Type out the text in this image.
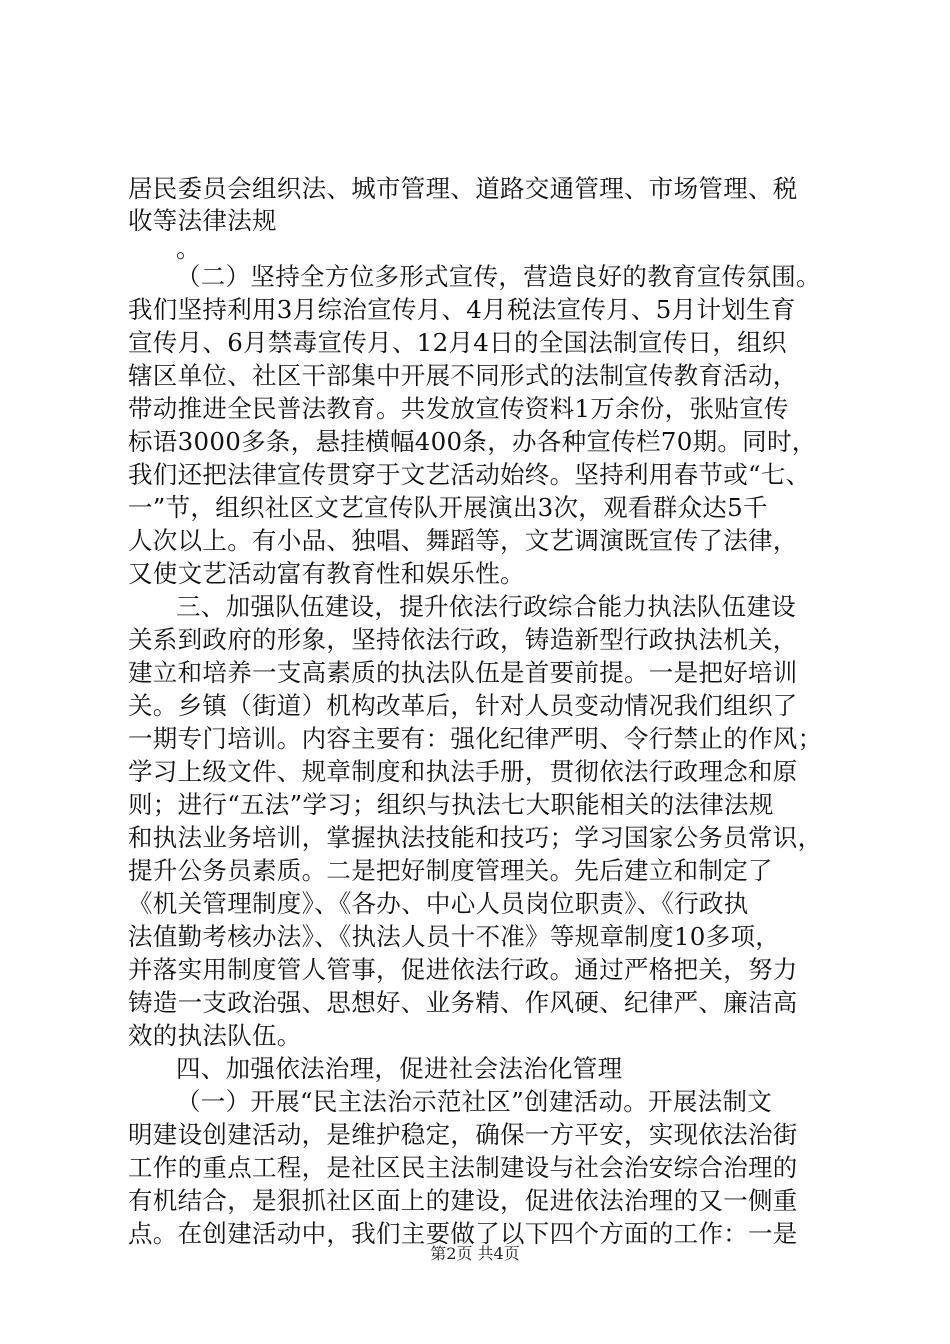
居民委员会组织法、城市管理、道路交通管理、市场管理、税
收等法律法规
。
（二）坚持全方位多形式宣传，营造良好的教育宣传氛围。
我们坚持利用3月综治宣传月、4月税法宣传月、5月计划生育
宣传月、6月禁毒宣传月、12月4日的全国法制宣传日，组织
辖区单位、社区干部集中开展不同形式的法制宣传教育活动，
带动推进全民普法教育。共发放宣传资料1万余份，张贴宣传
标语3000多条，悬挂横幅400条，办各种宣传栏70期。同时，
我们还把法律宣传贯穿于文艺活动始终。坚持利用春节或“七、
一”节，组织社区文艺宣传队开展演出3次，观看群众达5千
人次以上。有小品、独唱、舞蹈等，文艺调演既宣传了法律，
又使文艺活动富有教育性和娱乐性。
三、加强队伍建设，提升依法行政综合能力执法队伍建设
关系到政府的形象，坚持依法行政，铸造新型行政执法机关，
建立和培养一支高素质的执法队伍是首要前提。一是把好培训
关。乡镇（街道）机构改革后，针对人员变动情况我们组织了
一期专门培训。内容主要有：强化纪律严明、令行禁止的作风；
学习上级文件、规章制度和执法手册，贯彻依法行政理念和原
则；进行“五法”学习；组织与执法七大职能相关的法律法规
和执法业务培训，掌握执法技能和技巧；学习国家公务员常识，
提升公务员素质。二是把好制度管理关。先后建立和制定了
《机关管理制度》、《各办、中心人员岗位职责》、《行政执
法值勤考核办法》、《执法人员十不准》等规章制度10多项，
并落实用制度管人管事，促进依法行政。通过严格把关，努力
铸造一支政治强、思想好、业务精、作风硬、纪律严、廉洁高
效的执法队伍。
四、加强依法治理，促进社会法治化管理
（一）开展“民主法治示范社区”创建活动。开展法制文
明建设创建活动，是维护稳定，确保一方平安，实现依法治街
工作的重点工程，是社区民主法制建设与社会治安综合治理的
有机结合，是狠抓社区面上的建设，促进依法治理的又一侧重
点。在创建活动中，我们主要做了以下四个方面的工作：一是
第2页 共4页
